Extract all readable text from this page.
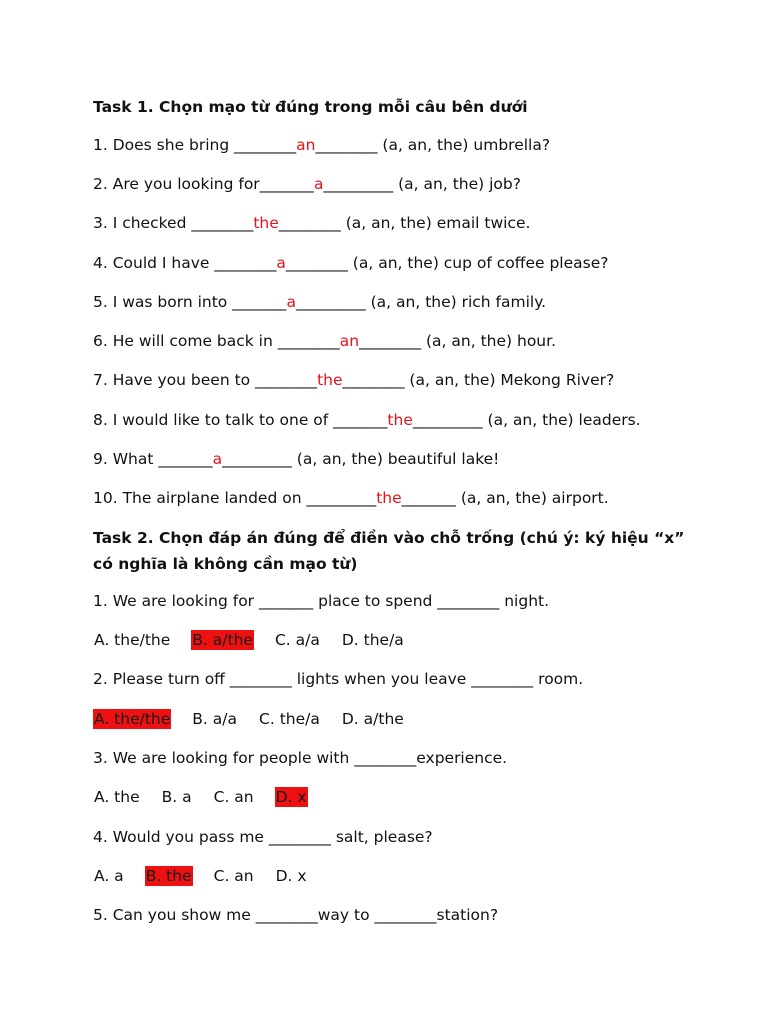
Task 1. Chọn mạo từ đúng trong mỗi câu bên dưới
1. Does she bring ________an________ (a, an, the) umbrella?
2. Are you looking for_______a_________ (a, an, the) job?
3. I checked ________the________ (a, an, the) email twice.
4. Could I have ________a________ (a, an, the) cup of coffee please?
5. I was born into _______a_________ (a, an, the) rich family.
6. He will come back in ________an________ (a, an, the) hour.
7. Have you been to ________the________ (a, an, the) Mekong River?
8. I would like to talk to one of _______the_________ (a, an, the) leaders.
9. What _______a_________ (a, an, the) beautiful lake!
10. The airplane landed on _________the_______ (a, an, the) airport.
Task 2. Chọn đáp án đúng để điền vào chỗ trống (chú ý: ký hiệu “x” có nghĩa là không cần mạo từ)
1. We are looking for _______ place to spend ________ night.
A. the/the B. a/the C. a/a D. the/a
2. Please turn off ________ lights when you leave ________ room.
A. the/the B. a/a C. the/a D. a/the
3. We are looking for people with ________experience.
A. the B. a C. an D. x
4. Would you pass me ________ salt, please?
A. a B. the C. an D. x
5. Can you show me ________way to ________station?
